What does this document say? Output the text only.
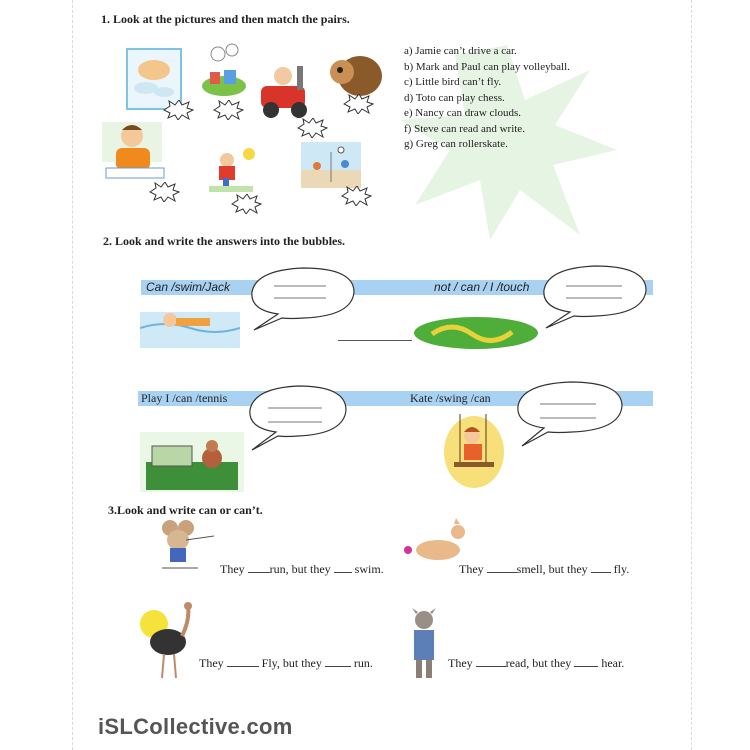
1. Look at the pictures and then match the pairs.
a) Jamie can’t drive a car.
b) Mark and Paul can play volleyball.
c) Little bird can’t fly.
d) Toto can play chess.
e) Nancy can draw clouds.
f) Steve can read and write.
g) Greg can rollerskate.
2. Look and write the answers into the bubbles.
Can /swim/Jack	not / can / I /touch
Play I /can /tennis	Kate /swing /can
3.Look and write can or can’t.
They run, but they swim.	They	smell, but they fly.
They	Fly, but they	run.	They	read, but they	hear.
iSLCollective.com
